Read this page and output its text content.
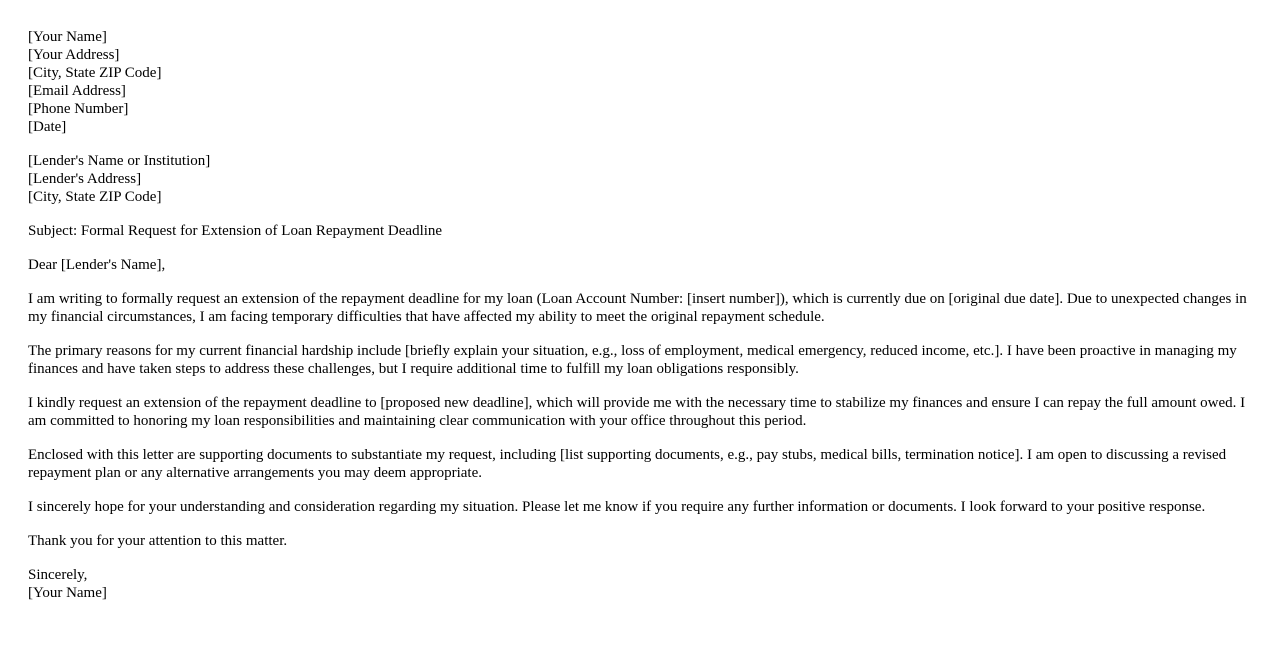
[Your Name]
[Your Address]
[City, State ZIP Code]
[Email Address]
[Phone Number]
[Date]
[Lender's Name or Institution]
[Lender's Address]
[City, State ZIP Code]

Subject: Formal Request for Extension of Loan Repayment Deadline

Dear [Lender's Name],

I am writing to formally request an extension of the repayment deadline for my loan (Loan Account Number: [insert number]), which is currently due on [original due date]. Due to unexpected changes in my financial circumstances, I am facing temporary difficulties that have affected my ability to meet the original repayment schedule.

The primary reasons for my current financial hardship include [briefly explain your situation, e.g., loss of employment, medical emergency, reduced income, etc.]. I have been proactive in managing my finances and have taken steps to address these challenges, but I require additional time to fulfill my loan obligations responsibly.

I kindly request an extension of the repayment deadline to [proposed new deadline], which will provide me with the necessary time to stabilize my finances and ensure I can repay the full amount owed. I am committed to honoring my loan responsibilities and maintaining clear communication with your office throughout this period.

Enclosed with this letter are supporting documents to substantiate my request, including [list supporting documents, e.g., pay stubs, medical bills, termination notice]. I am open to discussing a revised repayment plan or any alternative arrangements you may deem appropriate.

I sincerely hope for your understanding and consideration regarding my situation. Please let me know if you require any further information or documents. I look forward to your positive response.

Thank you for your attention to this matter.

Sincerely,
[Your Name]
